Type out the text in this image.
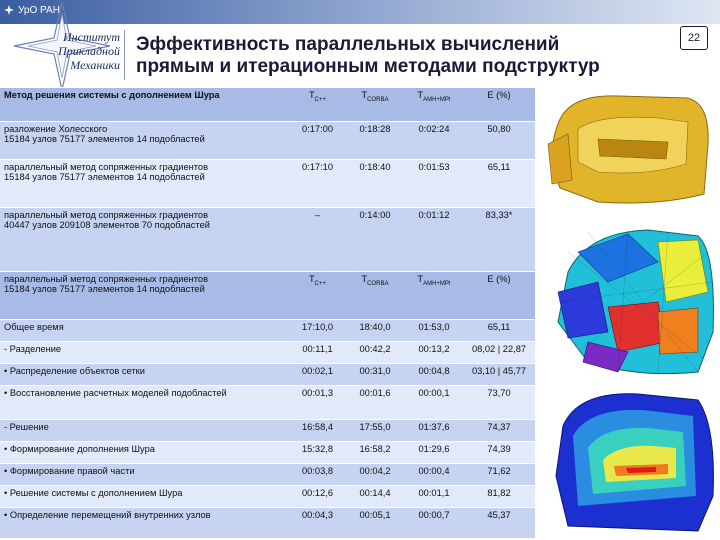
УрО РАН
Институт
Прикладной
Механики
Эффективность параллельных вычислений
прямым и итерационным методами подструктур
22
Метод решения системы с дополнением Шура	$T_{C++}$	$T_{CORBA}$	$T_{AMH+MPI}$	E (%)

разложение Холесского
15184 узлов 75177 элементов 14 подобластей	0:17:00	0:18:28	0:02:24	50,80

параллельный метод сопряженных градиентов
15184 узлов 75177 элементов 14 подобластей	0:17:10	0:18:40	0:01:53	65,11

параллельный метод сопряженных градиентов
40447 узлов 209108 элементов 70 подобластей	–	0:14:00	0:01:12	83,33*

параллельный метод сопряженных градиентов
15184 узлов 75177 элементов 14 подобластей	$T_{C++}$	$T_{CORBA}$	$T_{AMH+MPI}$	E (%)
Общее время	17:10,0	18:40,0	01:53,0	65,11
- Разделение	00:11,1	00:42,2	00:13,2	08,02 | 22,87
• Распределение объектов сетки	00:02,1	00:31,0	00:04,8	03,10 | 45,77
• Восстановление расчетных моделей подобластей	00:01,3	00:01,6	00:00,1	73,70
- Решение	16:58,4	17:55,0	01:37,6	74,37
• Формирование дополнения Шура	15:32,8	16:58,2	01:29,6	74,39
• Формирование правой части	00:03,8	00:04,2	00:00,4	71,62
• Решение системы с дополнением Шура	00:12,6	00:14,4	00:01,1	81,82
• Определение перемещений внутренних узлов	00:04,3	00:05,1	00:00,7	45,37
